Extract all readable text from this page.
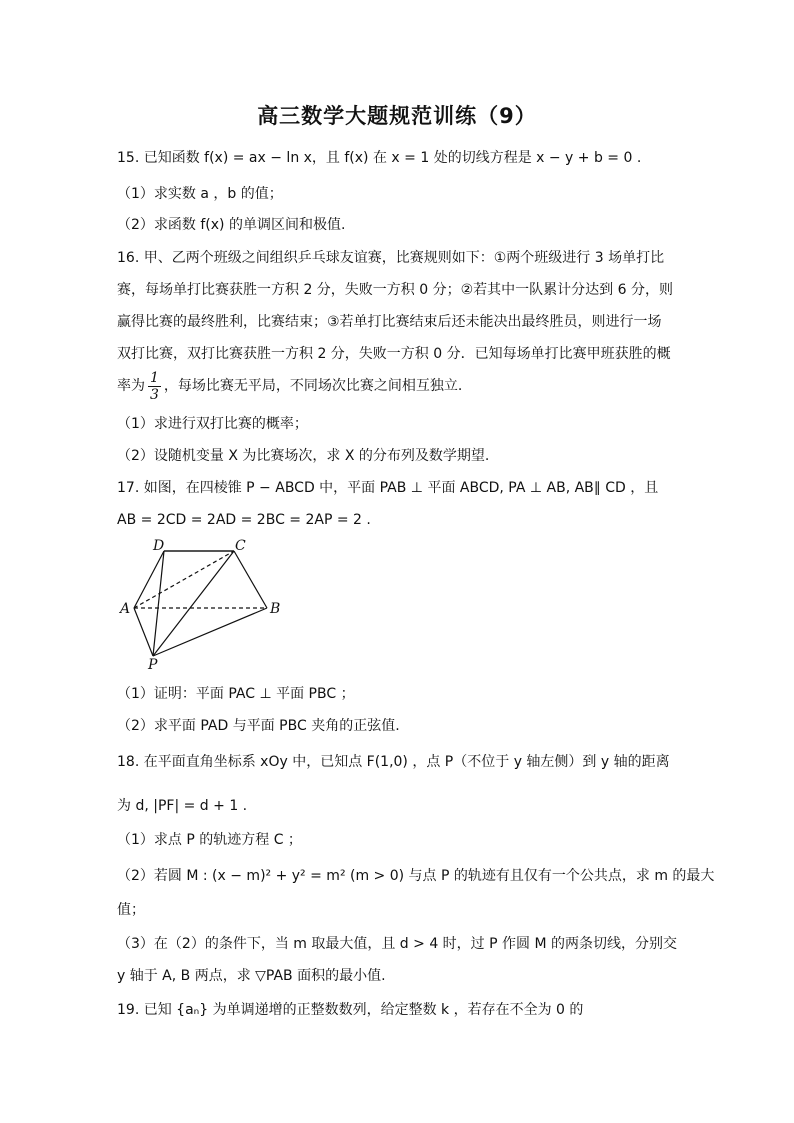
高三数学大题规范训练（9）
15. 已知函数 f(x) = ax − ln x，且 f(x) 在 x = 1 处的切线方程是 x − y + b = 0 .
（1）求实数 a ，b 的值；
（2）求函数 f(x) 的单调区间和极值.
16. 甲、乙两个班级之间组织乒乓球友谊赛，比赛规则如下：①两个班级进行 3 场单打比
赛，每场单打比赛获胜一方积 2 分，失败一方积 0 分；②若其中一队累计分达到 6 分，则
赢得比赛的最终胜利，比赛结束；③若单打比赛结束后还未能决出最终胜员，则进行一场
双打比赛，双打比赛获胜一方积 2 分，失败一方积 0 分．已知每场单打比赛甲班获胜的概
率为 $\frac{1}{3}$ ，每场比赛无平局，不同场次比赛之间相互独立.
（1）求进行双打比赛的概率；
（2）设随机变量 X 为比赛场次，求 X 的分布列及数学期望.
17. 如图，在四棱锥 P − ABCD 中，平面 PAB ⊥ 平面 ABCD, PA ⊥ AB, AB∥ CD ，且
AB = 2CD = 2AD = 2BC = 2AP = 2 .
D	C
A	B
P
（1）证明：平面 PAC ⊥ 平面 PBC ；
（2）求平面 PAD 与平面 PBC 夹角的正弦值.
18. 在平面直角坐标系 xOy 中，已知点 F(1,0) ，点 P（不位于 y 轴左侧）到 y 轴的距离
为 d, |PF| = d + 1 .
（1）求点 P 的轨迹方程 C ；
（2）若圆 M : (x − m)² + y² = m² (m > 0) 与点 P 的轨迹有且仅有一个公共点，求 m 的最大
值；
（3）在（2）的条件下，当 m 取最大值，且 d > 4 时，过 P 作圆 M 的两条切线，分别交
y 轴于 A, B 两点，求 ▽PAB 面积的最小值.
19. 已知 {aₙ} 为单调递增的正整数数列，给定整数 k ，若存在不全为 0 的
